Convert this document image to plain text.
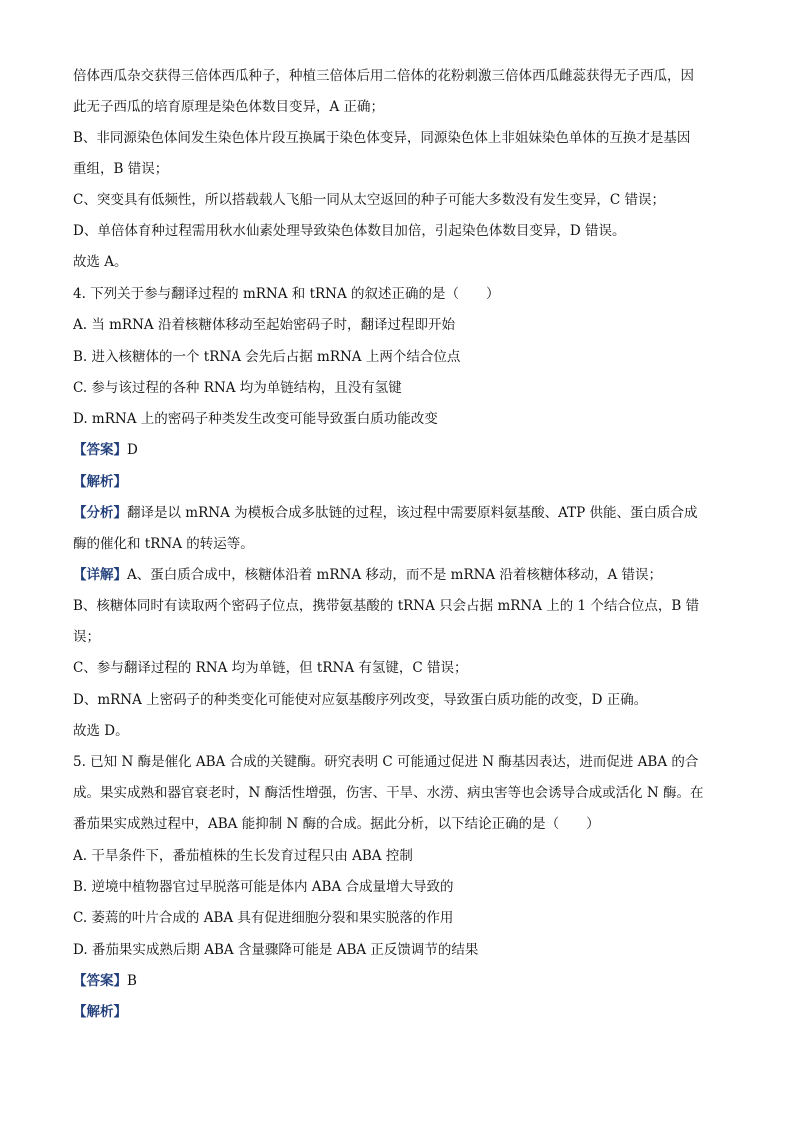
倍体西瓜杂交获得三倍体西瓜种子，种植三倍体后用二倍体的花粉刺激三倍体西瓜雌蕊获得无子西瓜，因
此无子西瓜的培育原理是染色体数目变异，A 正确；
B、非同源染色体间发生染色体片段互换属于染色体变异，同源染色体上非姐妹染色单体的互换才是基因
重组，B 错误；
C、突变具有低频性，所以搭载载人飞船一同从太空返回的种子可能大多数没有发生变异，C 错误；
D、单倍体育种过程需用秋水仙素处理导致染色体数目加倍，引起染色体数目变异，D 错误。
故选 A。
4. 下列关于参与翻译过程的 mRNA 和 tRNA 的叙述正确的是（　　）
A. 当 mRNA 沿着核糖体移动至起始密码子时，翻译过程即开始
B. 进入核糖体的一个 tRNA 会先后占据 mRNA 上两个结合位点
C. 参与该过程的各种 RNA 均为单链结构，且没有氢键
D. mRNA 上的密码子种类发生改变可能导致蛋白质功能改变
【答案】D
【解析】
【分析】翻译是以 mRNA 为模板合成多肽链的过程，该过程中需要原料氨基酸、ATP 供能、蛋白质合成
酶的催化和 tRNA 的转运等。
【详解】A、蛋白质合成中，核糖体沿着 mRNA 移动，而不是 mRNA 沿着核糖体移动，A 错误；
B、核糖体同时有读取两个密码子位点，携带氨基酸的 tRNA 只会占据 mRNA 上的 1 个结合位点，B 错
误；
C、参与翻译过程的 RNA 均为单链，但 tRNA 有氢键，C 错误；
D、mRNA 上密码子的种类变化可能使对应氨基酸序列改变，导致蛋白质功能的改变，D 正确。
故选 D。
5. 已知 N 酶是催化 ABA 合成的关键酶。研究表明 C 可能通过促进 N 酶基因表达，进而促进 ABA 的合
成。果实成熟和器官衰老时，N 酶活性增强，伤害、干旱、水涝、病虫害等也会诱导合成或活化 N 酶。在
番茄果实成熟过程中，ABA 能抑制 N 酶的合成。据此分析，以下结论正确的是（　　）
A. 干旱条件下，番茄植株的生长发育过程只由 ABA 控制
B. 逆境中植物器官过早脱落可能是体内 ABA 合成量增大导致的
C. 萎蔫的叶片合成的 ABA 具有促进细胞分裂和果实脱落的作用
D. 番茄果实成熟后期 ABA 含量骤降可能是 ABA 正反馈调节的结果
【答案】B
【解析】
